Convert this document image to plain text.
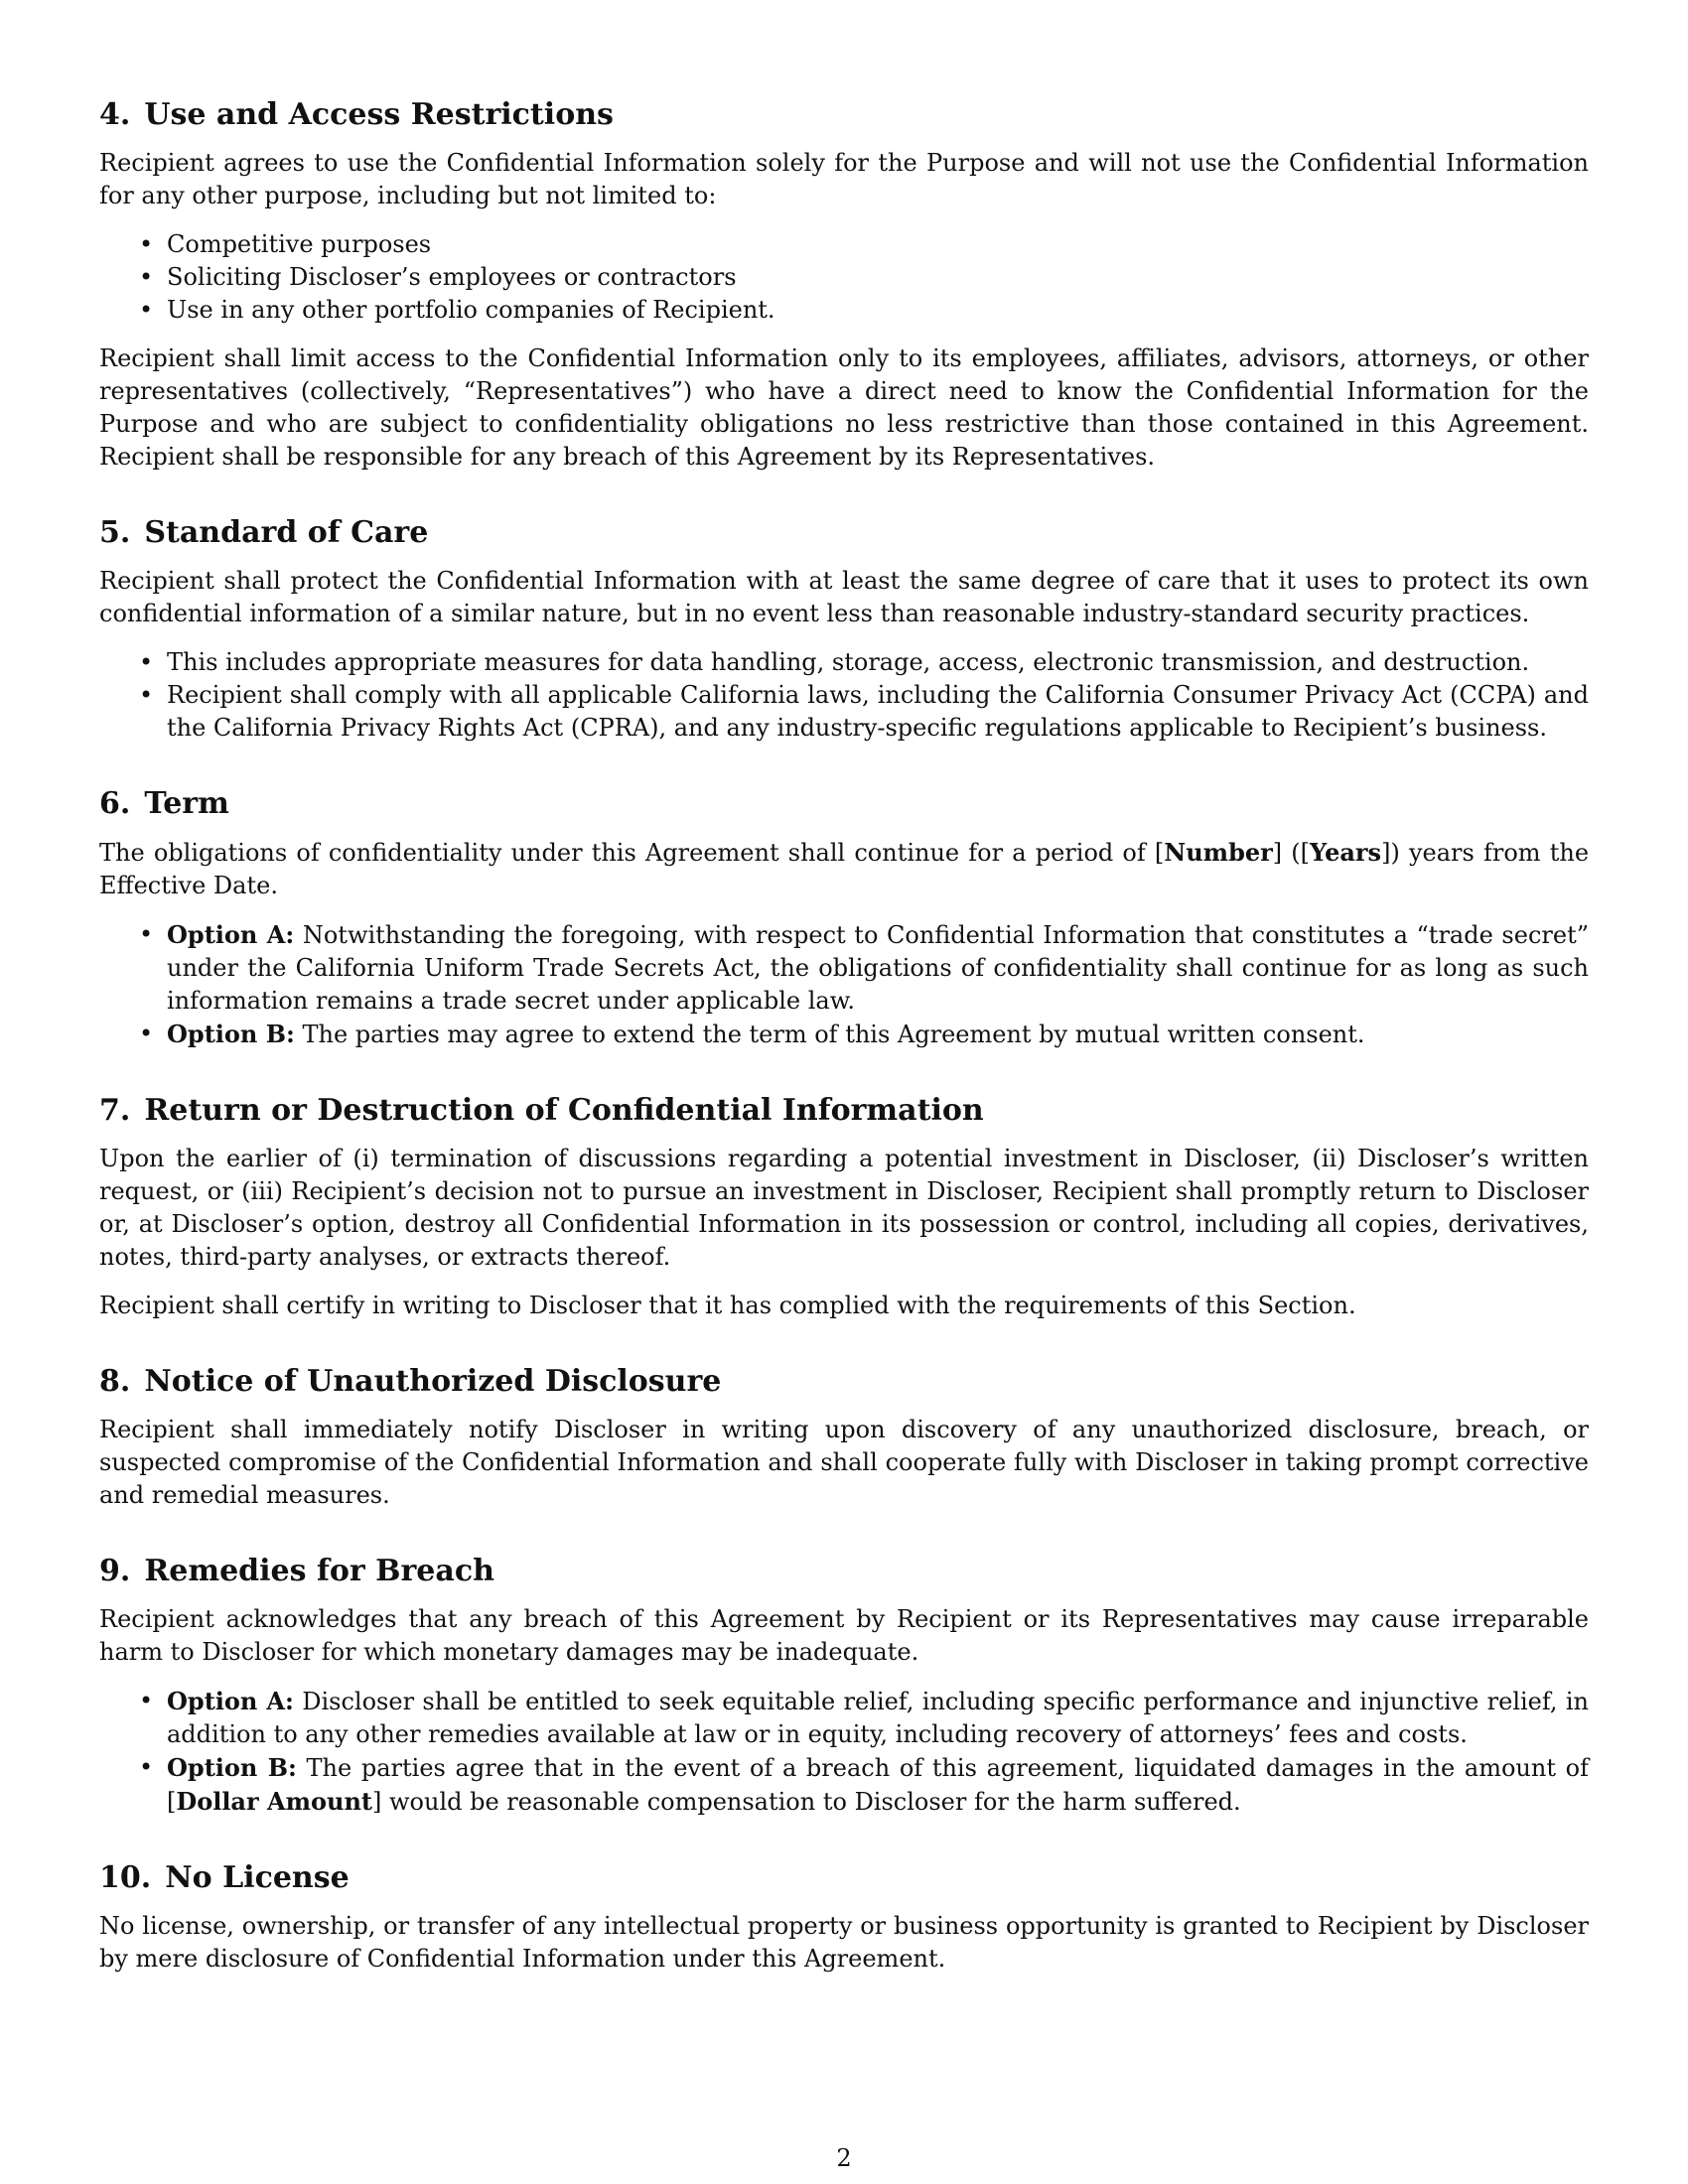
4. Use and Access Restrictions

Recipient agrees to use the Confidential Information solely for the Purpose and will not use the Confidential Information for any other purpose, including but not limited to:

• Competitive purposes
• Soliciting Discloser’s employees or contractors
• Use in any other portfolio companies of Recipient.

Recipient shall limit access to the Confidential Information only to its employees, affiliates, advisors, attorneys, or other representatives (collectively, “Representatives”) who have a direct need to know the Confidential Information for the Purpose and who are subject to confidentiality obligations no less restrictive than those contained in this Agreement. Recipient shall be responsible for any breach of this Agreement by its Representatives.

5. Standard of Care

Recipient shall protect the Confidential Information with at least the same degree of care that it uses to protect its own confidential information of a similar nature, but in no event less than reasonable industry-standard security practices.

• This includes appropriate measures for data handling, storage, access, electronic transmission, and destruction.
• Recipient shall comply with all applicable California laws, including the California Consumer Privacy Act (CCPA) and the California Privacy Rights Act (CPRA), and any industry-specific regulations applicable to Recipient’s business.
6. Term

The obligations of confidentiality under this Agreement shall continue for a period of [Number] ([Years]) years from the Effective Date.

• Option A: Notwithstanding the foregoing, with respect to Confidential Information that constitutes a “trade secret” under the California Uniform Trade Secrets Act, the obligations of confidentiality shall continue for as long as such information remains a trade secret under applicable law.
• Option B: The parties may agree to extend the term of this Agreement by mutual written consent.
7. Return or Destruction of Confidential Information

Upon the earlier of (i) termination of discussions regarding a potential investment in Discloser, (ii) Discloser’s written request, or (iii) Recipient’s decision not to pursue an investment in Discloser, Recipient shall promptly return to Discloser or, at Discloser’s option, destroy all Confidential Information in its possession or control, including all copies, derivatives, notes, third-party analyses, or extracts thereof.

Recipient shall certify in writing to Discloser that it has complied with the requirements of this Section.

8. Notice of Unauthorized Disclosure

Recipient shall immediately notify Discloser in writing upon discovery of any unauthorized disclosure, breach, or suspected compromise of the Confidential Information and shall cooperate fully with Discloser in taking prompt corrective and remedial measures.

9. Remedies for Breach

Recipient acknowledges that any breach of this Agreement by Recipient or its Representatives may cause irreparable harm to Discloser for which monetary damages may be inadequate.

• Option A: Discloser shall be entitled to seek equitable relief, including specific performance and injunctive relief, in addition to any other remedies available at law or in equity, including recovery of attorneys’ fees and costs.
• Option B: The parties agree that in the event of a breach of this agreement, liquidated damages in the amount of [Dollar Amount] would be reasonable compensation to Discloser for the harm suffered.
10. No License

No license, ownership, or transfer of any intellectual property or business opportunity is granted to Recipient by Discloser by mere disclosure of Confidential Information under this Agreement.

2
